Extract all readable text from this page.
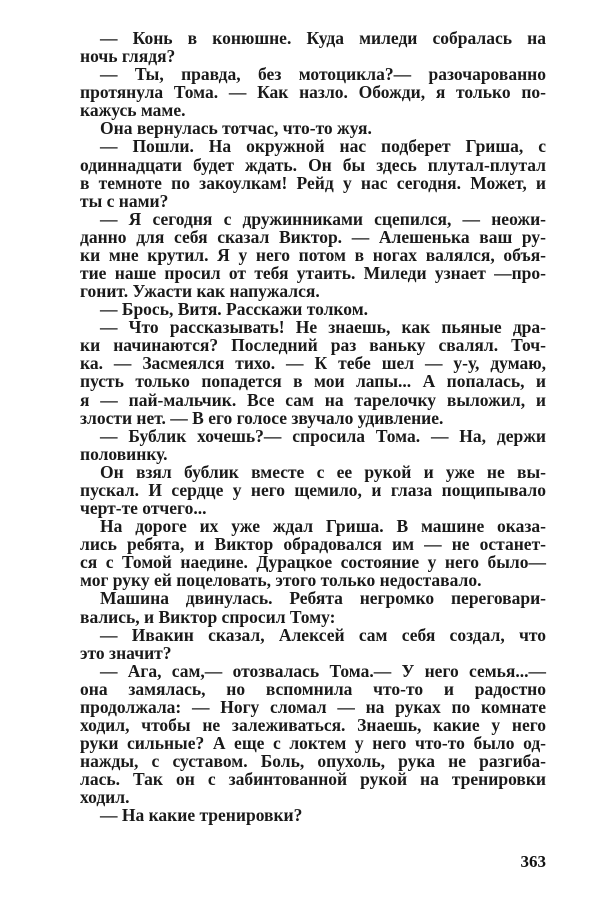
— Конь в конюшне. Куда миледи собралась на
ночь глядя?
— Ты, правда, без мотоцикла?— разочарованно
протянула Тома. — Как назло. Обожди, я только по-
кажусь маме.
Она вернулась тотчас, что-то жуя.
— Пошли. На окружной нас подберет Гриша, с
одиннадцати будет ждать. Он бы здесь плутал-плутал
в темноте по закоулкам! Рейд у нас сегодня. Может, и
ты с нами?
— Я сегодня с дружинниками сцепился, — неожи-
данно для себя сказал Виктор. — Алешенька ваш ру-
ки мне крутил. Я у него потом в ногах валялся, объя-
тие наше просил от тебя утаить. Миледи узнает —про-
гонит. Ужасти как напужался.
— Брось, Витя. Расскажи толком.
— Что рассказывать! Не знаешь, как пьяные дра-
ки начинаются? Последний раз ваньку свалял. Точ-
ка. — Засмеялся тихо. — К тебе шел — у-у, думаю,
пусть только попадется в мои лапы... А попалась, и
я — пай-мальчик. Все сам на тарелочку выложил, и
злости нет. — В его голосе звучало удивление.
— Бублик хочешь?— спросила Тома. — На, держи
половинку.
Он взял бублик вместе с ее рукой и уже не вы-
пускал. И сердце у него щемило, и глаза пощипывало
черт-те отчего...
На дороге их уже ждал Гриша. В машине оказа-
лись ребята, и Виктор обрадовался им — не останет-
ся с Томой наедине. Дурацкое состояние у него было—
мог руку ей поцеловать, этого только недоставало.
Машина двинулась. Ребята негромко переговари-
вались, и Виктор спросил Тому:
— Ивакин сказал, Алексей сам себя создал, что
это значит?
— Ага, сам,— отозвалась Тома.— У него семья...—
она замялась, но вспомнила что-то и радостно
продолжала: — Ногу сломал — на руках по комнате
ходил, чтобы не залеживаться. Знаешь, какие у него
руки сильные? А еще с локтем у него что-то было од-
нажды, с суставом. Боль, опухоль, рука не разгиба-
лась. Так он с забинтованной рукой на тренировки
ходил.
— На какие тренировки?
363
